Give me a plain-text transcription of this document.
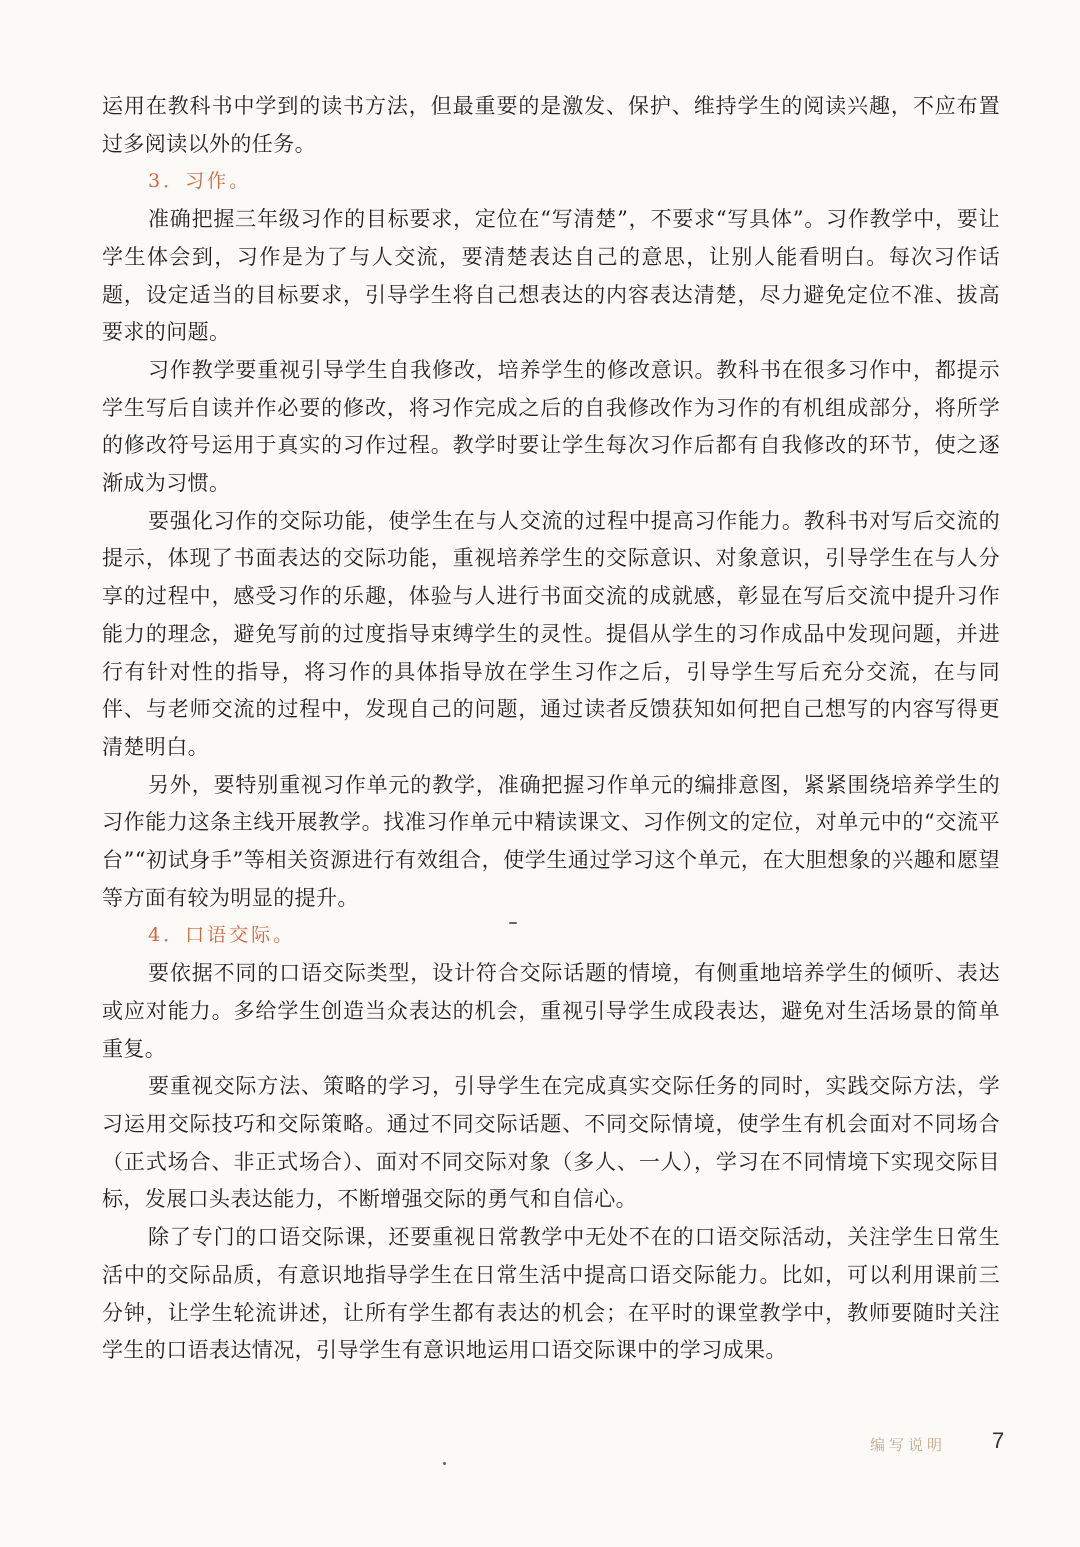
运用在教科书中学到的读书方法，但最重要的是激发、保护、维持学生的阅读兴趣，不应布置过多阅读以外的任务。

3．习作。

准确把握三年级习作的目标要求，定位在“写清楚”，不要求“写具体”。习作教学中，要让学生体会到，习作是为了与人交流，要清楚表达自己的意思，让别人能看明白。每次习作话题，设定适当的目标要求，引导学生将自己想表达的内容表达清楚，尽力避免定位不准、拔高要求的问题。

习作教学要重视引导学生自我修改，培养学生的修改意识。教科书在很多习作中，都提示学生写后自读并作必要的修改，将习作完成之后的自我修改作为习作的有机组成部分，将所学的修改符号运用于真实的习作过程。教学时要让学生每次习作后都有自我修改的环节，使之逐渐成为习惯。

要强化习作的交际功能，使学生在与人交流的过程中提高习作能力。教科书对写后交流的提示，体现了书面表达的交际功能，重视培养学生的交际意识、对象意识，引导学生在与人分享的过程中，感受习作的乐趣，体验与人进行书面交流的成就感，彰显在写后交流中提升习作能力的理念，避免写前的过度指导束缚学生的灵性。提倡从学生的习作成品中发现问题，并进行有针对性的指导，将习作的具体指导放在学生习作之后，引导学生写后充分交流，在与同伴、与老师交流的过程中，发现自己的问题，通过读者反馈获知如何把自己想写的内容写得更清楚明白。

另外，要特别重视习作单元的教学，准确把握习作单元的编排意图，紧紧围绕培养学生的习作能力这条主线开展教学。找准习作单元中精读课文、习作例文的定位，对单元中的“交流平台”“初试身手”等相关资源进行有效组合，使学生通过学习这个单元，在大胆想象的兴趣和愿望等方面有较为明显的提升。

4．口语交际。

要依据不同的口语交际类型，设计符合交际话题的情境，有侧重地培养学生的倾听、表达或应对能力。多给学生创造当众表达的机会，重视引导学生成段表达，避免对生活场景的简单重复。

要重视交际方法、策略的学习，引导学生在完成真实交际任务的同时，实践交际方法，学习运用交际技巧和交际策略。通过不同交际话题、不同交际情境，使学生有机会面对不同场合（正式场合、非正式场合）、面对不同交际对象（多人、一人），学习在不同情境下实现交际目标，发展口头表达能力，不断增强交际的勇气和自信心。

除了专门的口语交际课，还要重视日常教学中无处不在的口语交际活动，关注学生日常生活中的交际品质，有意识地指导学生在日常生活中提高口语交际能力。比如，可以利用课前三分钟，让学生轮流讲述，让所有学生都有表达的机会；在平时的课堂教学中，教师要随时关注学生的口语表达情况，引导学生有意识地运用口语交际课中的学习成果。

编写说明 7
